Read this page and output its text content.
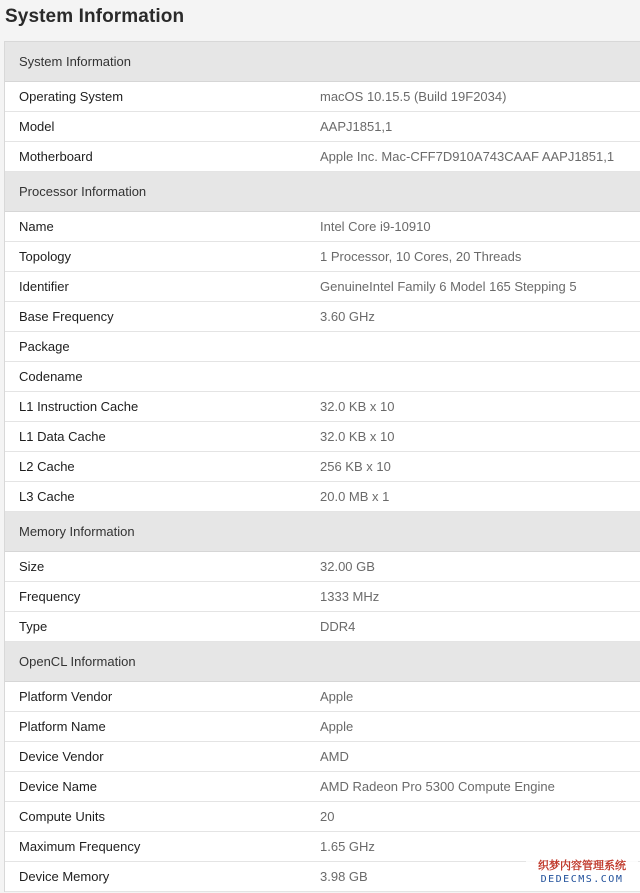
System Information
System Information
Operating System	macOS 10.15.5 (Build 19F2034)
Model	AAPJ1851,1
Motherboard	Apple Inc. Mac-CFF7D910A743CAAF AAPJ1851,1
Processor Information
Name	Intel Core i9-10910
Topology	1 Processor, 10 Cores, 20 Threads
Identifier	GenuineIntel Family 6 Model 165 Stepping 5
Base Frequency	3.60 GHz
Package
Codename
L1 Instruction Cache	32.0 KB x 10
L1 Data Cache	32.0 KB x 10
L2 Cache	256 KB x 10
L3 Cache	20.0 MB x 1
Memory Information
Size	32.00 GB
Frequency	1333 MHz
Type	DDR4
OpenCL Information
Platform Vendor	Apple
Platform Name	Apple
Device Vendor	AMD
Device Name	AMD Radeon Pro 5300 Compute Engine
Compute Units	20
Maximum Frequency	1.65 GHz
Device Memory	3.98 GB
织梦内容管理系统
DEDECMS.COM
